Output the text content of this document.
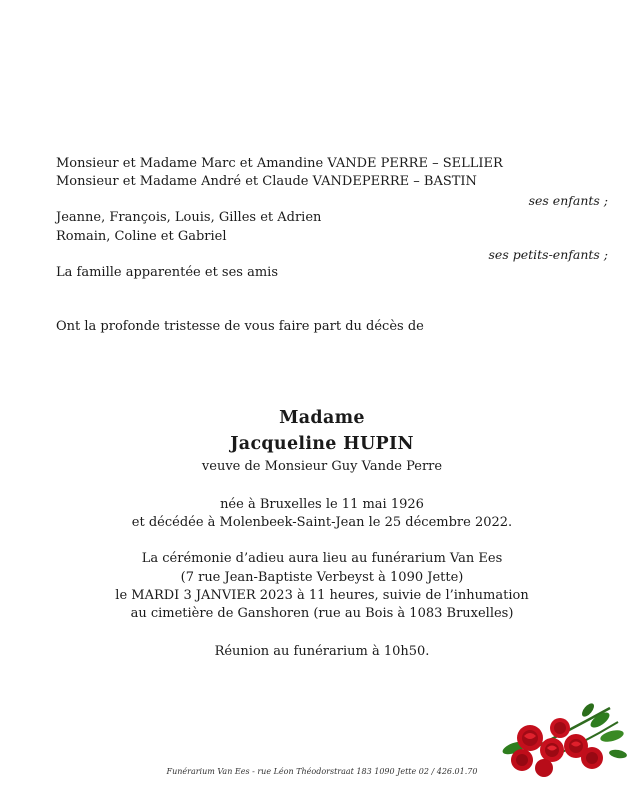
Monsieur et Madame Marc et Amandine VANDE PERRE – SELLIER
Monsieur et Madame André et Claude VANDEPERRE – BASTIN
ses enfants ;
Jeanne, François, Louis, Gilles et Adrien
Romain, Coline et Gabriel
ses petits-enfants ;
La famille apparentée et ses amis
Ont la profonde tristesse de vous faire part du décès de
Madame
Jacqueline HUPIN
veuve de Monsieur Guy Vande Perre
née à Bruxelles le 11 mai 1926
et décédée à Molenbeek-Saint-Jean le 25 décembre 2022.
La cérémonie d’adieu aura lieu au funérarium Van Ees
(7 rue Jean-Baptiste Verbeyst à 1090 Jette)
le MARDI 3 JANVIER 2023 à 11 heures, suivie de l’inhumation
au cimetière de Ganshoren (rue au Bois à 1083 Bruxelles)
Réunion au funérarium à 10h50.
Funérarium Van Ees - rue Léon Théodorstraat 183 1090 Jette 02 / 426.01.70
